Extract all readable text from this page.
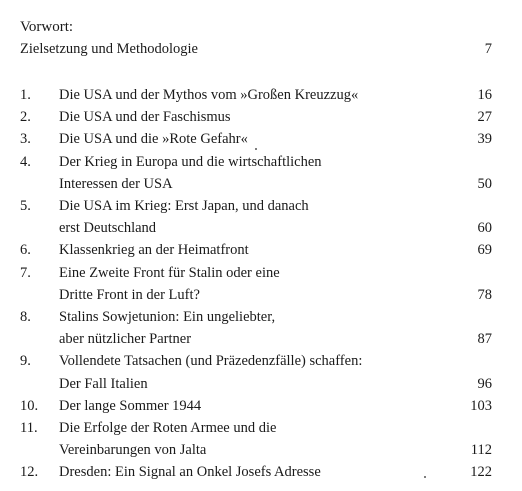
Vorwort:
Zielsetzung und Methodologie	7
1. Die USA und der Mythos vom »Großen Kreuzzug«	16
2. Die USA und der Faschismus	27
3. Die USA und die »Rote Gefahr«	39
4. Der Krieg in Europa und die wirtschaftlichen
Interessen der USA	50
5. Die USA im Krieg: Erst Japan, und danach
erst Deutschland	60
6. Klassenkrieg an der Heimatfront	69
7. Eine Zweite Front für Stalin oder eine
Dritte Front in der Luft?	78
8. Stalins Sowjetunion: Ein ungeliebter,
aber nützlicher Partner	87
9. Vollendete Tatsachen (und Präzedenzfälle) schaffen:
Der Fall Italien	96
10. Der lange Sommer 1944	103
11. Die Erfolge der Roten Armee und die
Vereinbarungen von Jalta	112
12. Dresden: Ein Signal an Onkel Josefs Adresse	122
